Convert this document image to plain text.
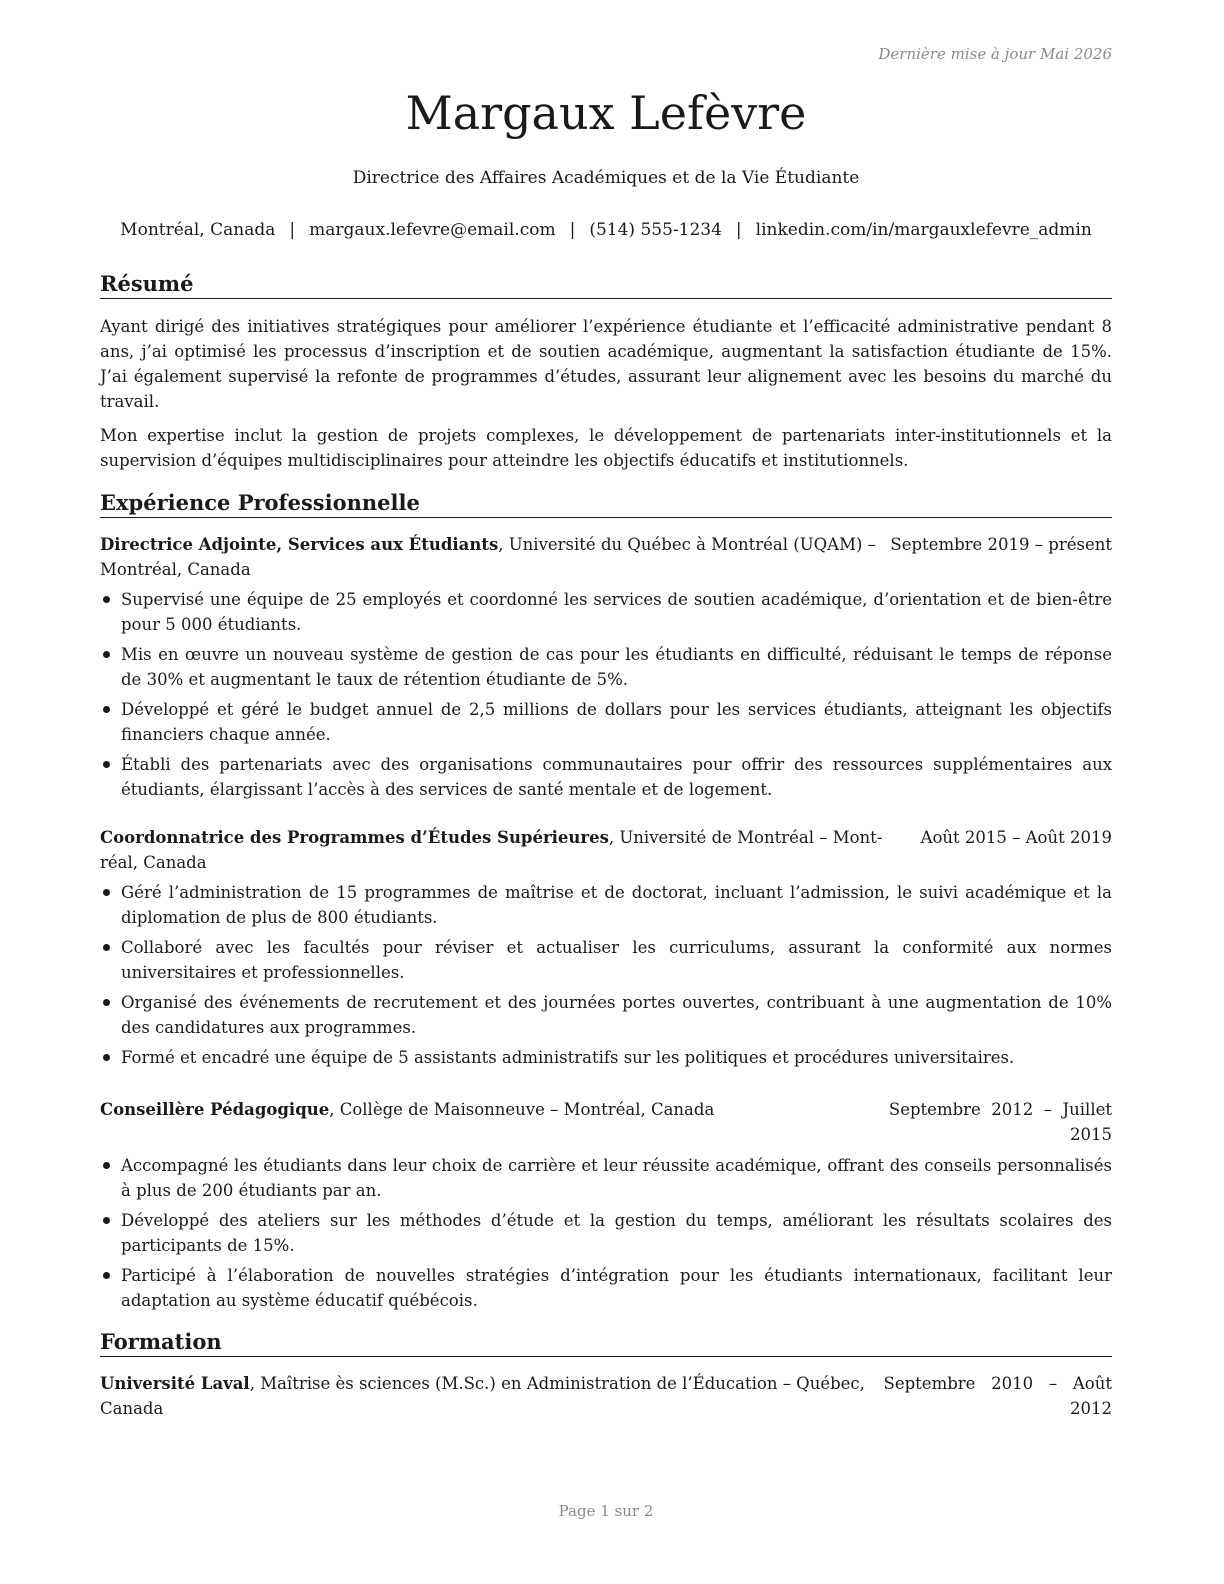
Dernière mise à jour Mai 2026
Margaux Lefèvre
Directrice des Affaires Académiques et de la Vie Étudiante
Montréal, Canada | margaux.lefevre@email.com | (514) 555-1234 | linkedin.com/in/margauxlefevre_admin
Résumé

Ayant dirigé des initiatives stratégiques pour améliorer l’expérience étudiante et l’efficacité administrative pendant 8 ans, j’ai optimisé les processus d’inscription et de soutien académique, augmentant la satisfaction étudiante de 15%. J’ai également supervisé la refonte de programmes d’études, assurant leur alignement avec les besoins du marché du travail.

Mon expertise inclut la gestion de projets complexes, le développement de partenariats inter-institutionnels et la supervision d’équipes multidisciplinaires pour atteindre les objectifs éducatifs et institutionnels.

Expérience Professionnelle
Directrice Adjointe, Services aux Étudiants, Université du Québec à Montréal (UQAM) –
Montréal, Canada
Septembre 2019 – présent
Supervisé une équipe de 25 employés et coordonné les services de soutien académique, d’orientation et de bien-être pour 5 000 étudiants.
Mis en œuvre un nouveau système de gestion de cas pour les étudiants en difficulté, réduisant le temps de réponse de 30% et augmentant le taux de rétention étudiante de 5%.
Développé et géré le budget annuel de 2,5 millions de dollars pour les services étudiants, atteignant les objectifs financiers chaque année.
Établi des partenariats avec des organisations communautaires pour offrir des ressources supplémentaires aux étudiants, élargissant l’accès à des services de santé mentale et de logement.
Coordonnatrice des Programmes d’Études Supérieures, Université de Montréal – Mont-
réal, Canada
Août 2015 – Août 2019
Géré l’administration de 15 programmes de maîtrise et de doctorat, incluant l’admission, le suivi académique et la diplomation de plus de 800 étudiants.
Collaboré avec les facultés pour réviser et actualiser les curriculums, assurant la conformité aux normes universitaires et professionnelles.
Organisé des événements de recrutement et des journées portes ouvertes, contribuant à une augmentation de 10% des candidatures aux programmes.
Formé et encadré une équipe de 5 assistants administratifs sur les politiques et procédures universitaires.
Conseillère Pédagogique, Collège de Maisonneuve – Montréal, Canada	Septembre  2012  –  Juillet
2015
Accompagné les étudiants dans leur choix de carrière et leur réussite académique, offrant des conseils personnalisés à plus de 200 étudiants par an.
Développé des ateliers sur les méthodes d’étude et la gestion du temps, améliorant les résultats scolaires des participants de 15%.
Participé à l’élaboration de nouvelles stratégies d’intégration pour les étudiants internationaux, facilitant leur adaptation au système éducatif québécois.
Formation
Université Laval, Maîtrise ès sciences (M.Sc.) en Administration de l’Éducation – Québec,
Canada
Septembre   2010   –   Août
2012
Page 1 sur 2
